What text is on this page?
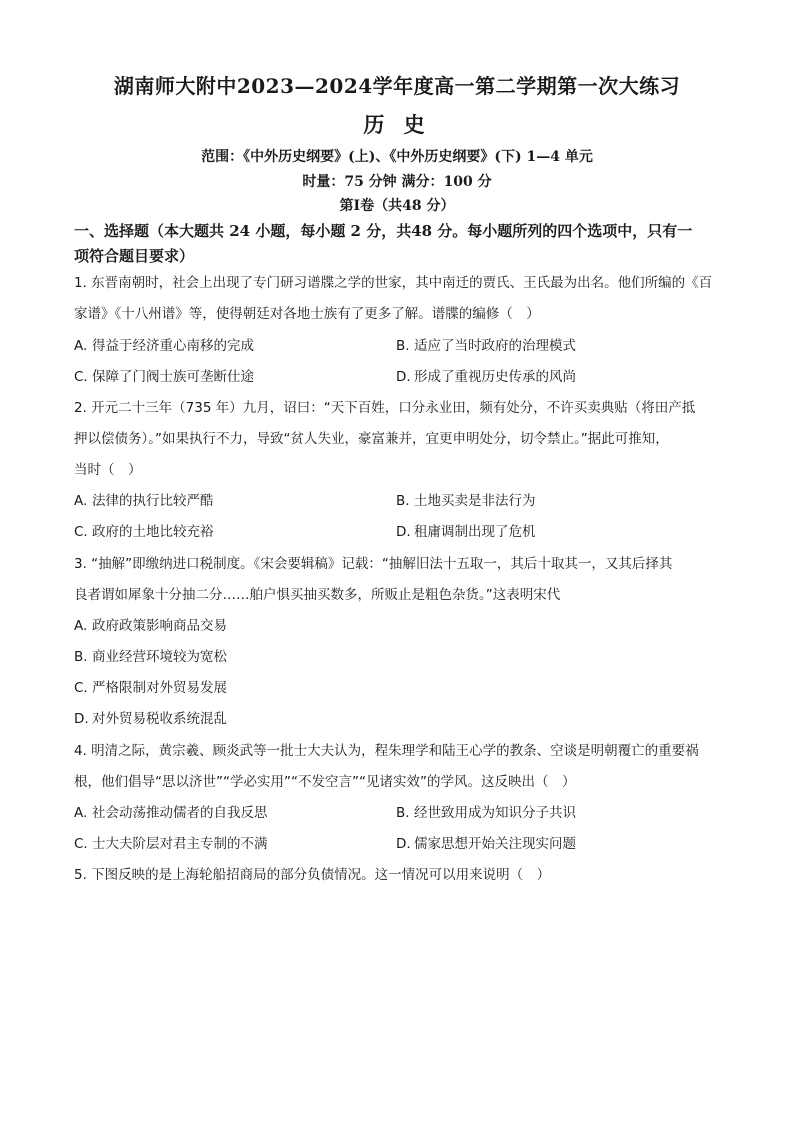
湖南师大附中2023—2024学年度高一第二学期第一次大练习
历 史
范围：《中外历史纲要》(上)、《中外历史纲要》(下) 1—4 单元
时量：75 分钟 满分：100 分
第Ⅰ卷（共48 分）
一、选择题（本大题共 24 小题，每小题 2 分，共48 分。每小题所列的四个选项中，只有一
项符合题目要求）
1. 东晋南朝时，社会上出现了专门研习谱牒之学的世家，其中南迁的贾氏、王氏最为出名。他们所编的《百
家谱》《十八州谱》等，使得朝廷对各地士族有了更多了解。谱牒的编修（　）
A. 得益于经济重心南移的完成	B. 适应了当时政府的治理模式
C. 保障了门阀士族可垄断仕途	D. 形成了重视历史传承的风尚
2. 开元二十三年（735 年）九月，诏曰：“天下百姓，口分永业田，频有处分，不许买卖典贴（将田产抵
押以偿债务）。”如果执行不力，导致“贫人失业，豪富兼并，宜更申明处分，切令禁止。”据此可推知，
当时（　）
A. 法律的执行比较严酷	B. 土地买卖是非法行为
C. 政府的土地比较充裕	D. 租庸调制出现了危机
3. “抽解”即缴纳进口税制度。《宋会要辑稿》记载：“抽解旧法十五取一，其后十取其一，又其后择其
良者谓如犀象十分抽二分……舶户惧买抽买数多，所贩止是粗色杂货。”这表明宋代
A. 政府政策影响商品交易
B. 商业经营环境较为宽松
C. 严格限制对外贸易发展
D. 对外贸易税收系统混乱
4. 明清之际，黄宗羲、顾炎武等一批士大夫认为，程朱理学和陆王心学的教条、空谈是明朝覆亡的重要祸
根，他们倡导“思以济世”“学必实用”“不发空言”“见诸实效”的学风。这反映出（　）
A. 社会动荡推动儒者的自我反思	B. 经世致用成为知识分子共识
C. 士大夫阶层对君主专制的不满	D. 儒家思想开始关注现实问题
5. 下图反映的是上海轮船招商局的部分负债情况。这一情况可以用来说明（　）
